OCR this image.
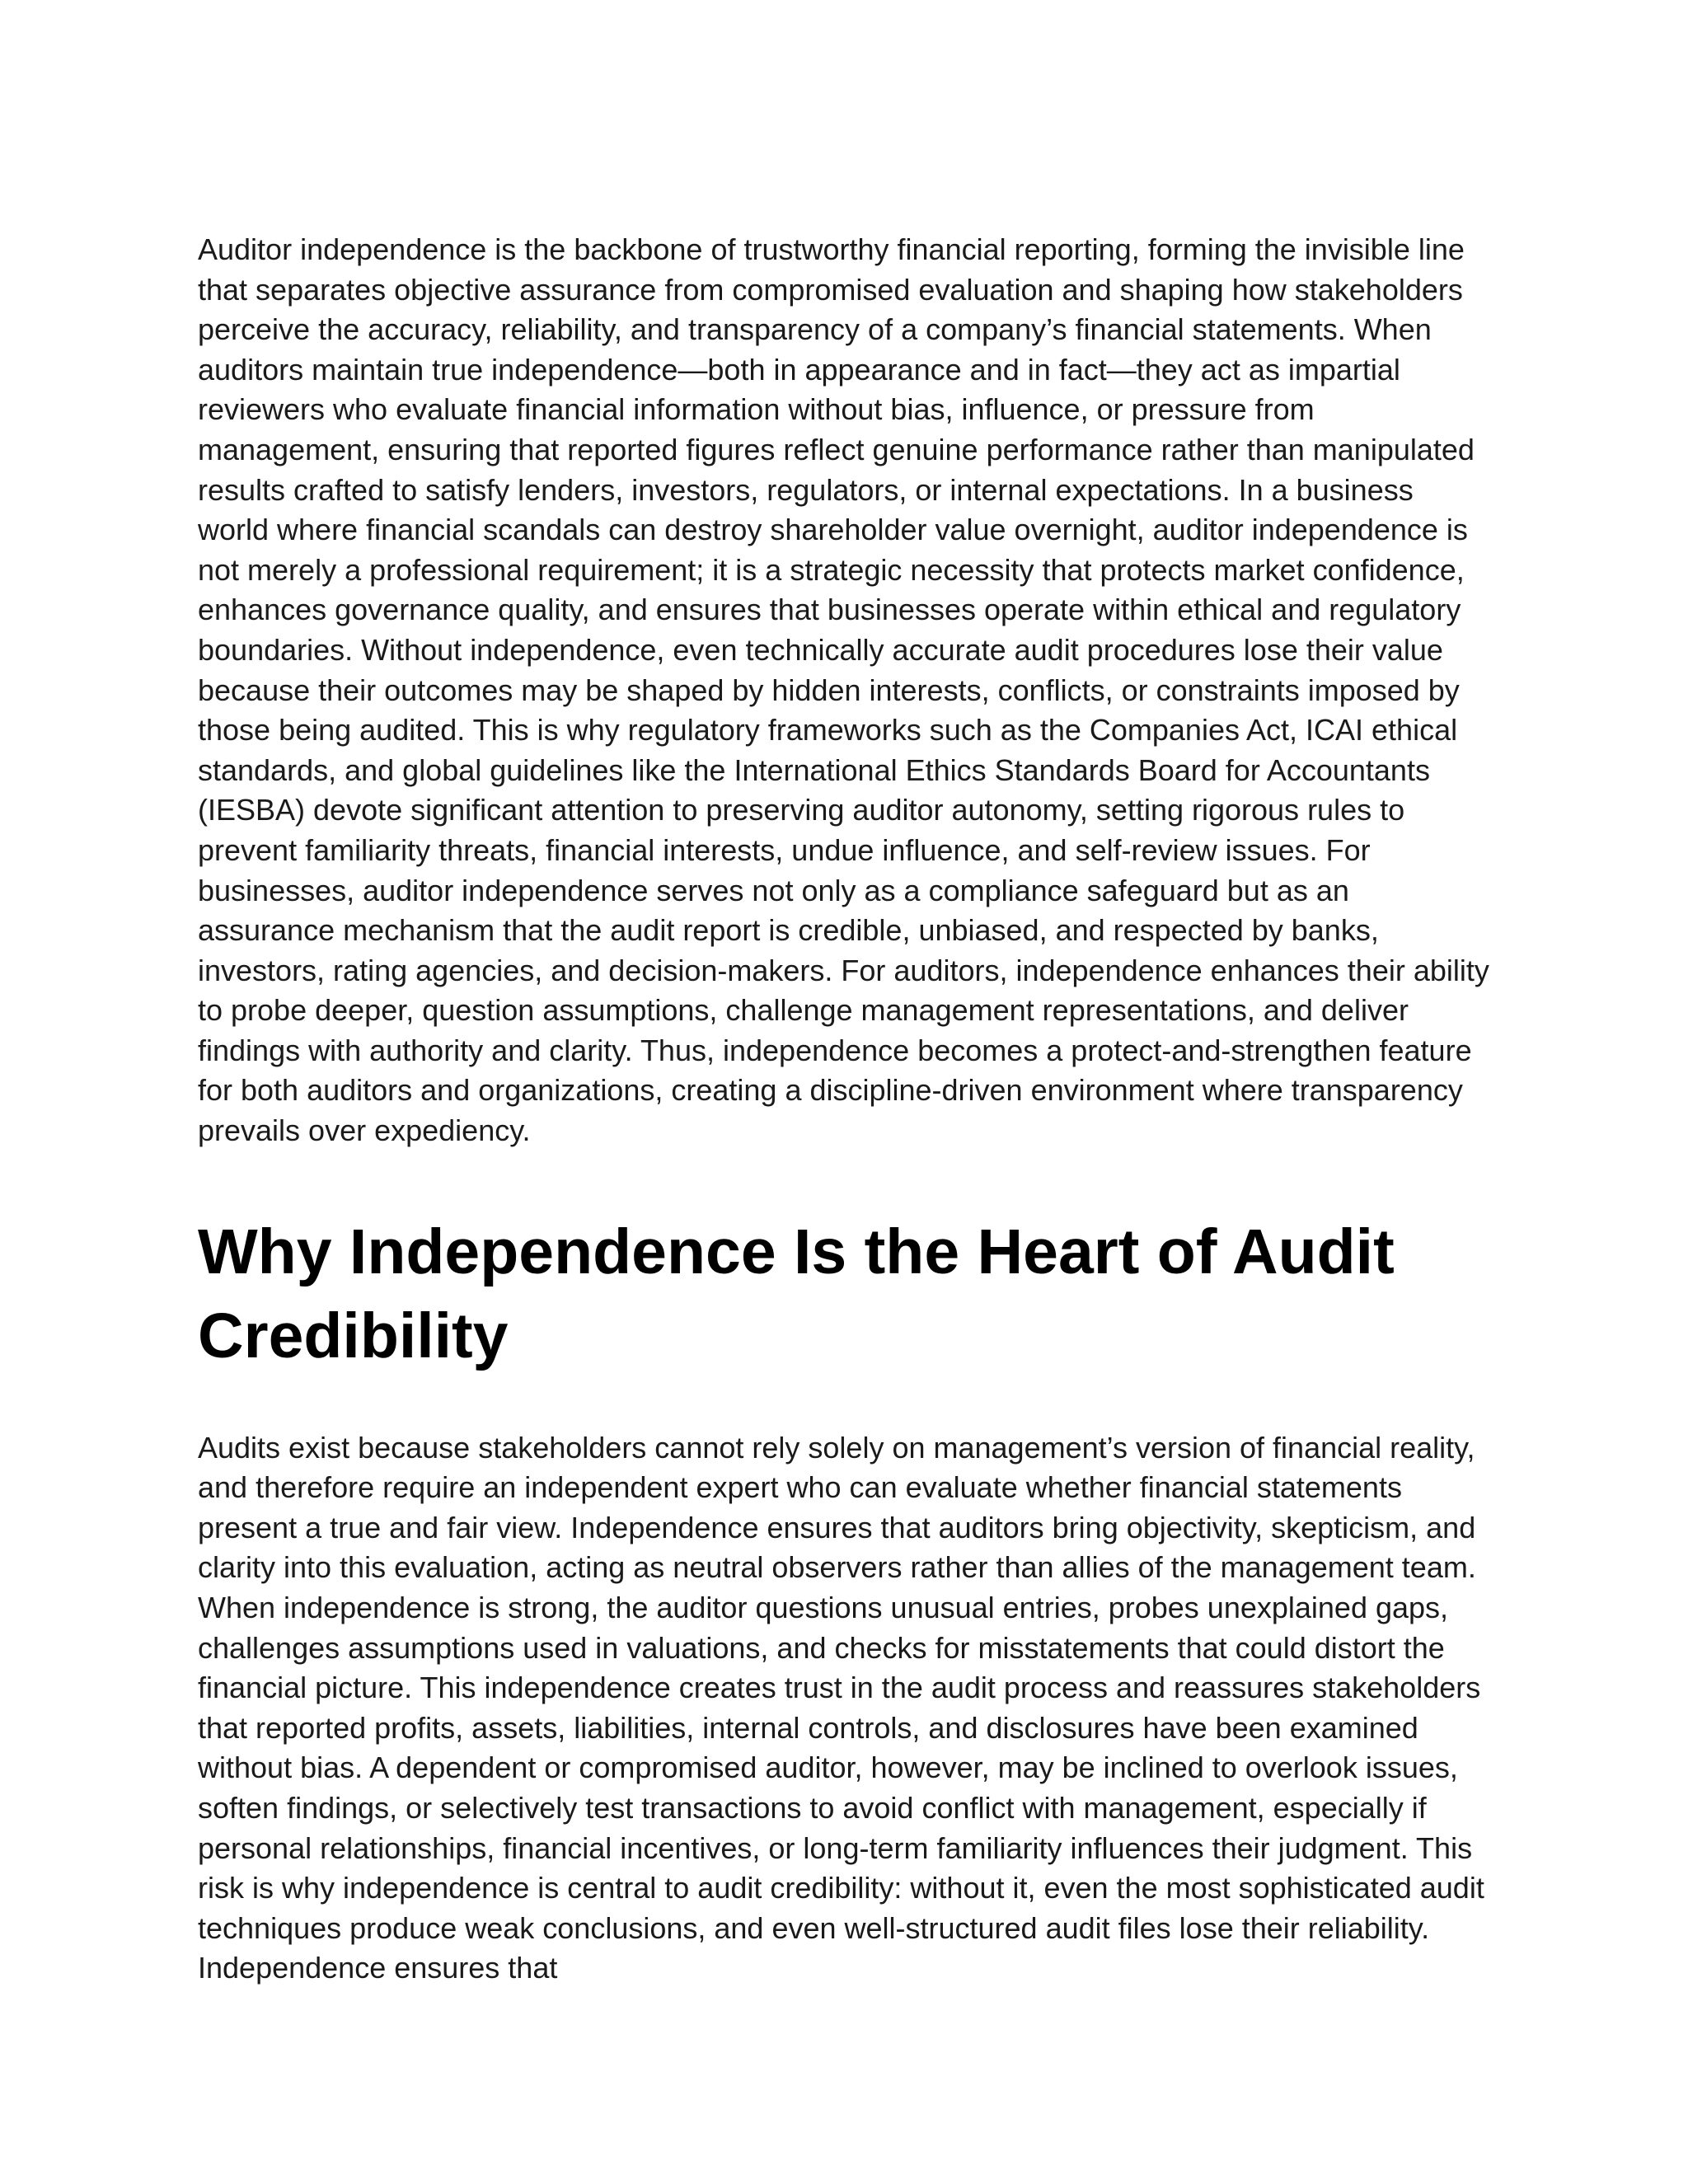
Auditor independence is the backbone of trustworthy financial reporting, forming the invisible line that separates objective assurance from compromised evaluation and shaping how stakeholders perceive the accuracy, reliability, and transparency of a company’s financial statements. When auditors maintain true independence—both in appearance and in fact—they act as impartial reviewers who evaluate financial information without bias, influence, or pressure from management, ensuring that reported figures reflect genuine performance rather than manipulated results crafted to satisfy lenders, investors, regulators, or internal expectations. In a business world where financial scandals can destroy shareholder value overnight, auditor independence is not merely a professional requirement; it is a strategic necessity that protects market confidence, enhances governance quality, and ensures that businesses operate within ethical and regulatory boundaries. Without independence, even technically accurate audit procedures lose their value because their outcomes may be shaped by hidden interests, conflicts, or constraints imposed by those being audited. This is why regulatory frameworks such as the Companies Act, ICAI ethical standards, and global guidelines like the International Ethics Standards Board for Accountants (IESBA) devote significant attention to preserving auditor autonomy, setting rigorous rules to prevent familiarity threats, financial interests, undue influence, and self-review issues. For businesses, auditor independence serves not only as a compliance safeguard but as an assurance mechanism that the audit report is credible, unbiased, and respected by banks, investors, rating agencies, and decision-makers. For auditors, independence enhances their ability to probe deeper, question assumptions, challenge management representations, and deliver findings with authority and clarity. Thus, independence becomes a protect-and-strengthen feature for both auditors and organizations, creating a discipline-driven environment where transparency prevails over expediency.

Why Independence Is the Heart of Audit Credibility

Audits exist because stakeholders cannot rely solely on management’s version of financial reality, and therefore require an independent expert who can evaluate whether financial statements present a true and fair view. Independence ensures that auditors bring objectivity, skepticism, and clarity into this evaluation, acting as neutral observers rather than allies of the management team. When independence is strong, the auditor questions unusual entries, probes unexplained gaps, challenges assumptions used in valuations, and checks for misstatements that could distort the financial picture. This independence creates trust in the audit process and reassures stakeholders that reported profits, assets, liabilities, internal controls, and disclosures have been examined without bias. A dependent or compromised auditor, however, may be inclined to overlook issues, soften findings, or selectively test transactions to avoid conflict with management, especially if personal relationships, financial incentives, or long-term familiarity influences their judgment. This risk is why independence is central to audit credibility: without it, even the most sophisticated audit techniques produce weak conclusions, and even well-structured audit files lose their reliability. Independence ensures that
